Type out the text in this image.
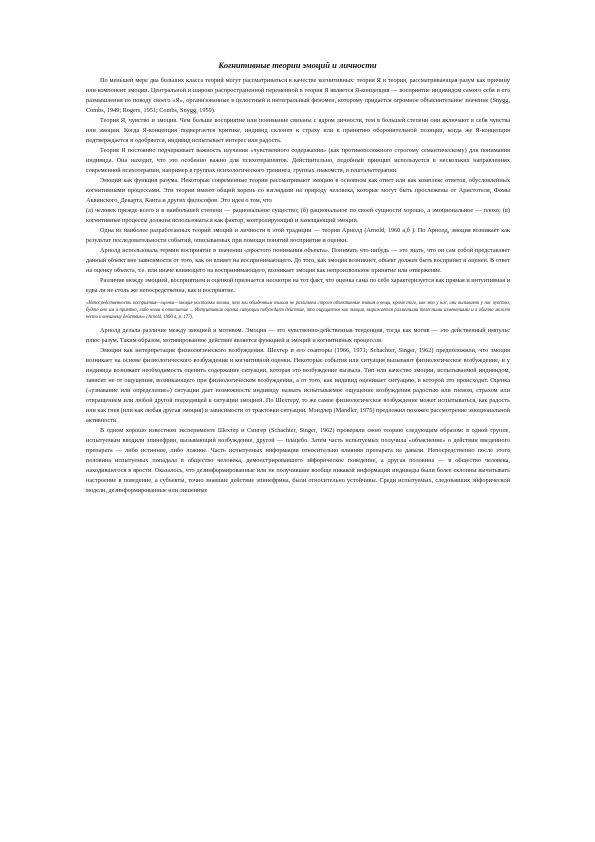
Когнитивные теории эмоций и личности

По меньшей мере два больших класса теорий могут рассматриваться в качестве когнитивных: теория Я и теория, рассматривающая разум как причину или компонент эмоции. Центральной и широко распространенной переменной в теория Я является Я-концепция — восприятие индивидом самого себя и его размышления по поводу своего «Я», организованные в целостный и интегральный феномен, которому придается огромное объяснительное значение (Snygg, Combs, 1949; Rogers, 1951; Combs, Snygg, 1959).

Теория Я, чувство и эмоция. Чем больше восприятие или понимание связаны с ядром личности, тем в большей степени они включают в себя чувства или эмоции. Когда Я-концепция подвергается критике, индивид склонен к страху или к принятию оборонительной позиции, когда же Я-концепция подтверждается и одобряется, индивид испытывает интерес или радость.

Теория Я постоянно подчеркивает важность изучения «чувственного содержания» (как противоположного строгому семантическому) для понимания индивида. Она находит, что это особенно важно для психотерапевтов. Действительно, подобный принцип используется в нескольких направлениях современной психотерапии, например в группах психологического тренинга, группах знакомств, в гештальттерапии.

Эмоции как функция разума. Некоторые современные теории рассматривают эмоцию в основном как ответ или как комплекс ответов, обусловленных когнитивными процессами. Эти теории имеют общий корень со взглядами на природу человека, которые могут быть прослежены от Аристотеля, Фомы Аквинского, Декарта, Канта и других философов. Это идея о том, что

(а) человек прежде всего и в наибольшей степени — рациональное существо; (б) рациональное по своей сущности хорошо, а эмоциональное — плохо; (в) когнитивные процессы должны использоваться как фактор, контролирующий и замещающий эмоции.

Одна из наиболее разработанных теорий эмоций и личности в этой традиции — теория Арнолд (Arnold, 1960 a,б ). По Арнолд, эмоция возникает как результат последовательности событий, описываемых при помощи понятий восприятия и оценки.

Арнолд использовала термин восприятие в значении «простого понимания объекта». Понимать что-нибудь — это знать, что он сам собой представляет данный объект вне зависимости от того, как он влияет на воспринимающего. До того, как эмоция возникнет, объект должен быть воспринят и оценен. В ответ на оценку объекта, т.е. или иначе влияющего на воспринимающего, возникает эмоция как непроизвольное принятие или отвержение.

Различие между эмоцией, восприятием и оценкой признается несмотря на тот факт, что оценка сама по себе характеризуется как прямая и интуитивная и едва ли не столь же непосредственна, как и восприятие.

«Непосредственность восприятия—оценка—эмоция настолько велика, что мы обыденным языком не различаем строго объективные знания о вещи, кроме того, как это у нас, они вызывают у нас чувство, будто оно им и приятно, либо нами в отношение ... Интуитивная оценка ситуации побуждает действие, что ощущается как эмоция, выражается различными телесными изменениями и в обычно может вести к внешнему действию» (Arnold, 1960 a, p. 177).

Арнолд делала различие между эмоцией и мотивом. Эмоция — это чувственно-действенная тенденция, тогда как мотив — это действенный импульс плюс разум. Таким образом, мотивированное действие является функцией и эмоций и когнитивных процессов.

Эмоции как интерпретация физиологического возбуждения. Шехтер и его соавторы (1966, 1971; Schachter, Singer, 1962) предположили, что эмоция возникает на основе физиологического возбуждения и когнитивной оценки. Некоторые события или ситуация вызывают физиологическое возбуждение, и у индивида возникает необходимость оценить содержание ситуации, которая это возбуждение вызвала. Тип или качество эмоции, испытываемой индивидом, зависит не от ощущения, возникающего при физиологическом возбуждении, а от того, как индивид оценивает ситуацию, в которой это происходит. Оценка («узнавание или определение») ситуации дает возможность индивиду назвать испытываемое ощущение возбуждения радостью или гневом, страхом или отвращением или любой другой подходящей к ситуации эмоцией. По Шехтеру, то же самое физиологическое возбуждение может испытываться, как радость или как гнев (или как любая другая эмоция) в зависимости от трактовки ситуации. Мэндлер (Mandler, 1975) предложил похожее рассмотрение эмоциональной активности.

В одном хорошо известном эксперименте Шехтер и Сингер (Schachter, Singer, 1962) проверяли свою теорию следующим образом: в одной группе, испытуемым вводили эпинефрин, вызывающий возбуждение, другой — плацебо. Затем часть испытуемых получила «объяснение» о действии введенного препарата — либо истинное, либо ложное. Часть испытуемых информация относительно влияния препарата не давали. Непосредственно после этого половина испытуемых попадала в общество человека, демонстрировавшего эйфорическое поведение, а другая половина — в общество человека, находившегося в ярости. Оказалось, что дезинформированные или не получившие вообще никакой информации индивиды были более склонны вычитывать настроение в поведение, а субъекты, точно знавшие действие эпинефрина, были относительно устойчивы. Среди испытуемых, следовавших эйфорической модели, дезинформированные или лишенные
